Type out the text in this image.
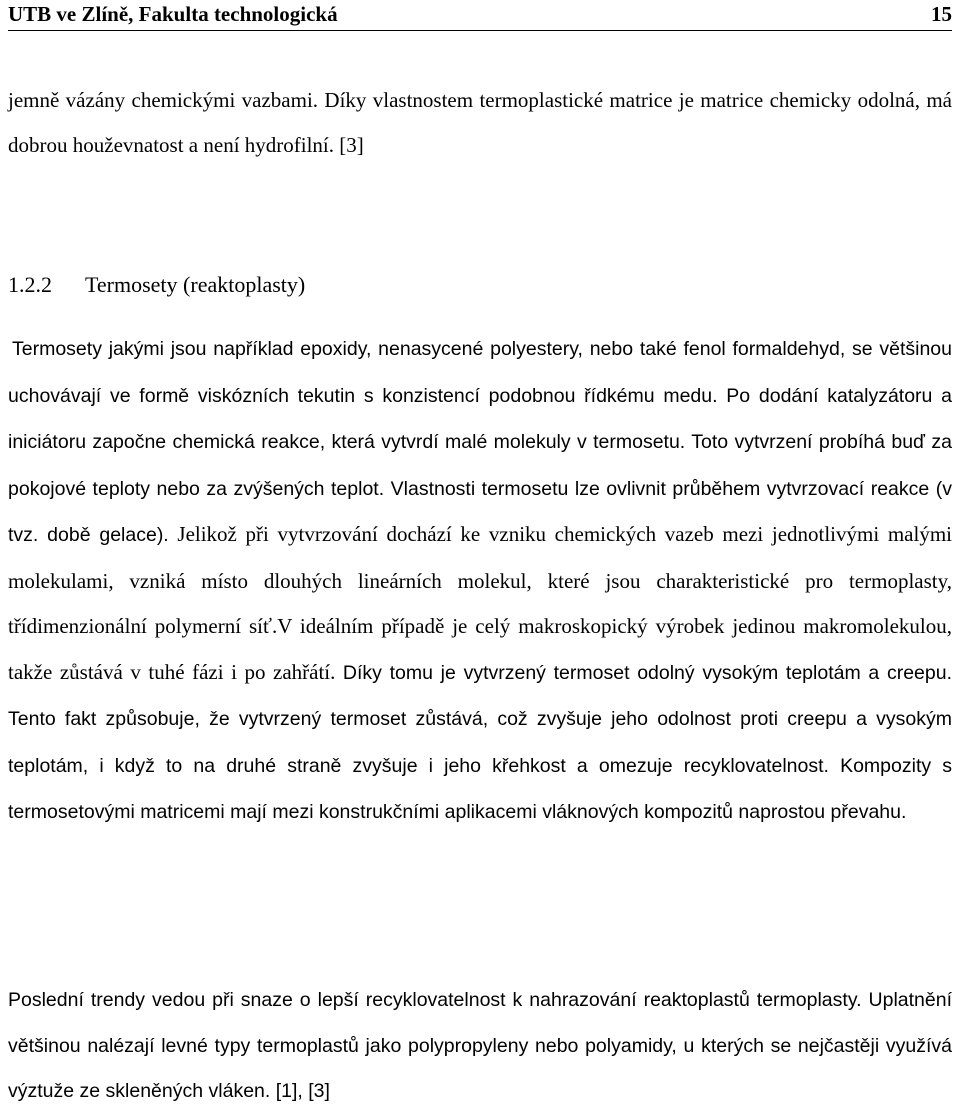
UTB ve Zlíně, Fakulta technologická	15

jemně vázány chemickými vazbami. Díky vlastnostem termoplastické matrice je matrice chemicky odolná, má dobrou houževnatost a není hydrofilní. [3]

1.2.2 Termosety (reaktoplasty)

Termosety jakými jsou například epoxidy, nenasycené polyestery, nebo také fenol formaldehyd, se většinou uchovávají ve formě viskózních tekutin s konzistencí podobnou řídkému medu. Po dodání katalyzátoru a iniciátoru započne chemická reakce, která vytvrdí malé molekuly v termosetu. Toto vytvrzení probíhá buď za pokojové teploty nebo za zvýšených teplot. Vlastnosti termosetu lze ovlivnit průběhem vytvrzovací reakce (v tvz. době gelace). Jelikož při vytvrzování dochází ke vzniku chemických vazeb mezi jednotlivými malými molekulami, vzniká místo dlouhých lineárních molekul, které jsou charakteristické pro termoplasty, třídimenzionální polymerní síť.V ideálním případě je celý makroskopický výrobek jedinou makromolekulou, takže zůstává v tuhé fázi i po zahřátí. Díky tomu je vytvrzený termoset odolný vysokým teplotám a creepu. Tento fakt způsobuje, že vytvrzený termoset zůstává, což zvyšuje jeho odolnost proti creepu a vysokým teplotám, i když to na druhé straně zvyšuje i jeho křehkost a omezuje recyklovatelnost. Kompozity s termosetovými matricemi mají mezi konstrukčními aplikacemi vláknových kompozitů naprostou převahu.

Poslední trendy vedou při snaze o lepší recyklovatelnost k nahrazování reaktoplastů termoplasty. Uplatnění většinou nalézají levné typy termoplastů jako polypropyleny nebo polyamidy, u kterých se nejčastěji využívá výztuže ze skleněných vláken. [1], [3]
